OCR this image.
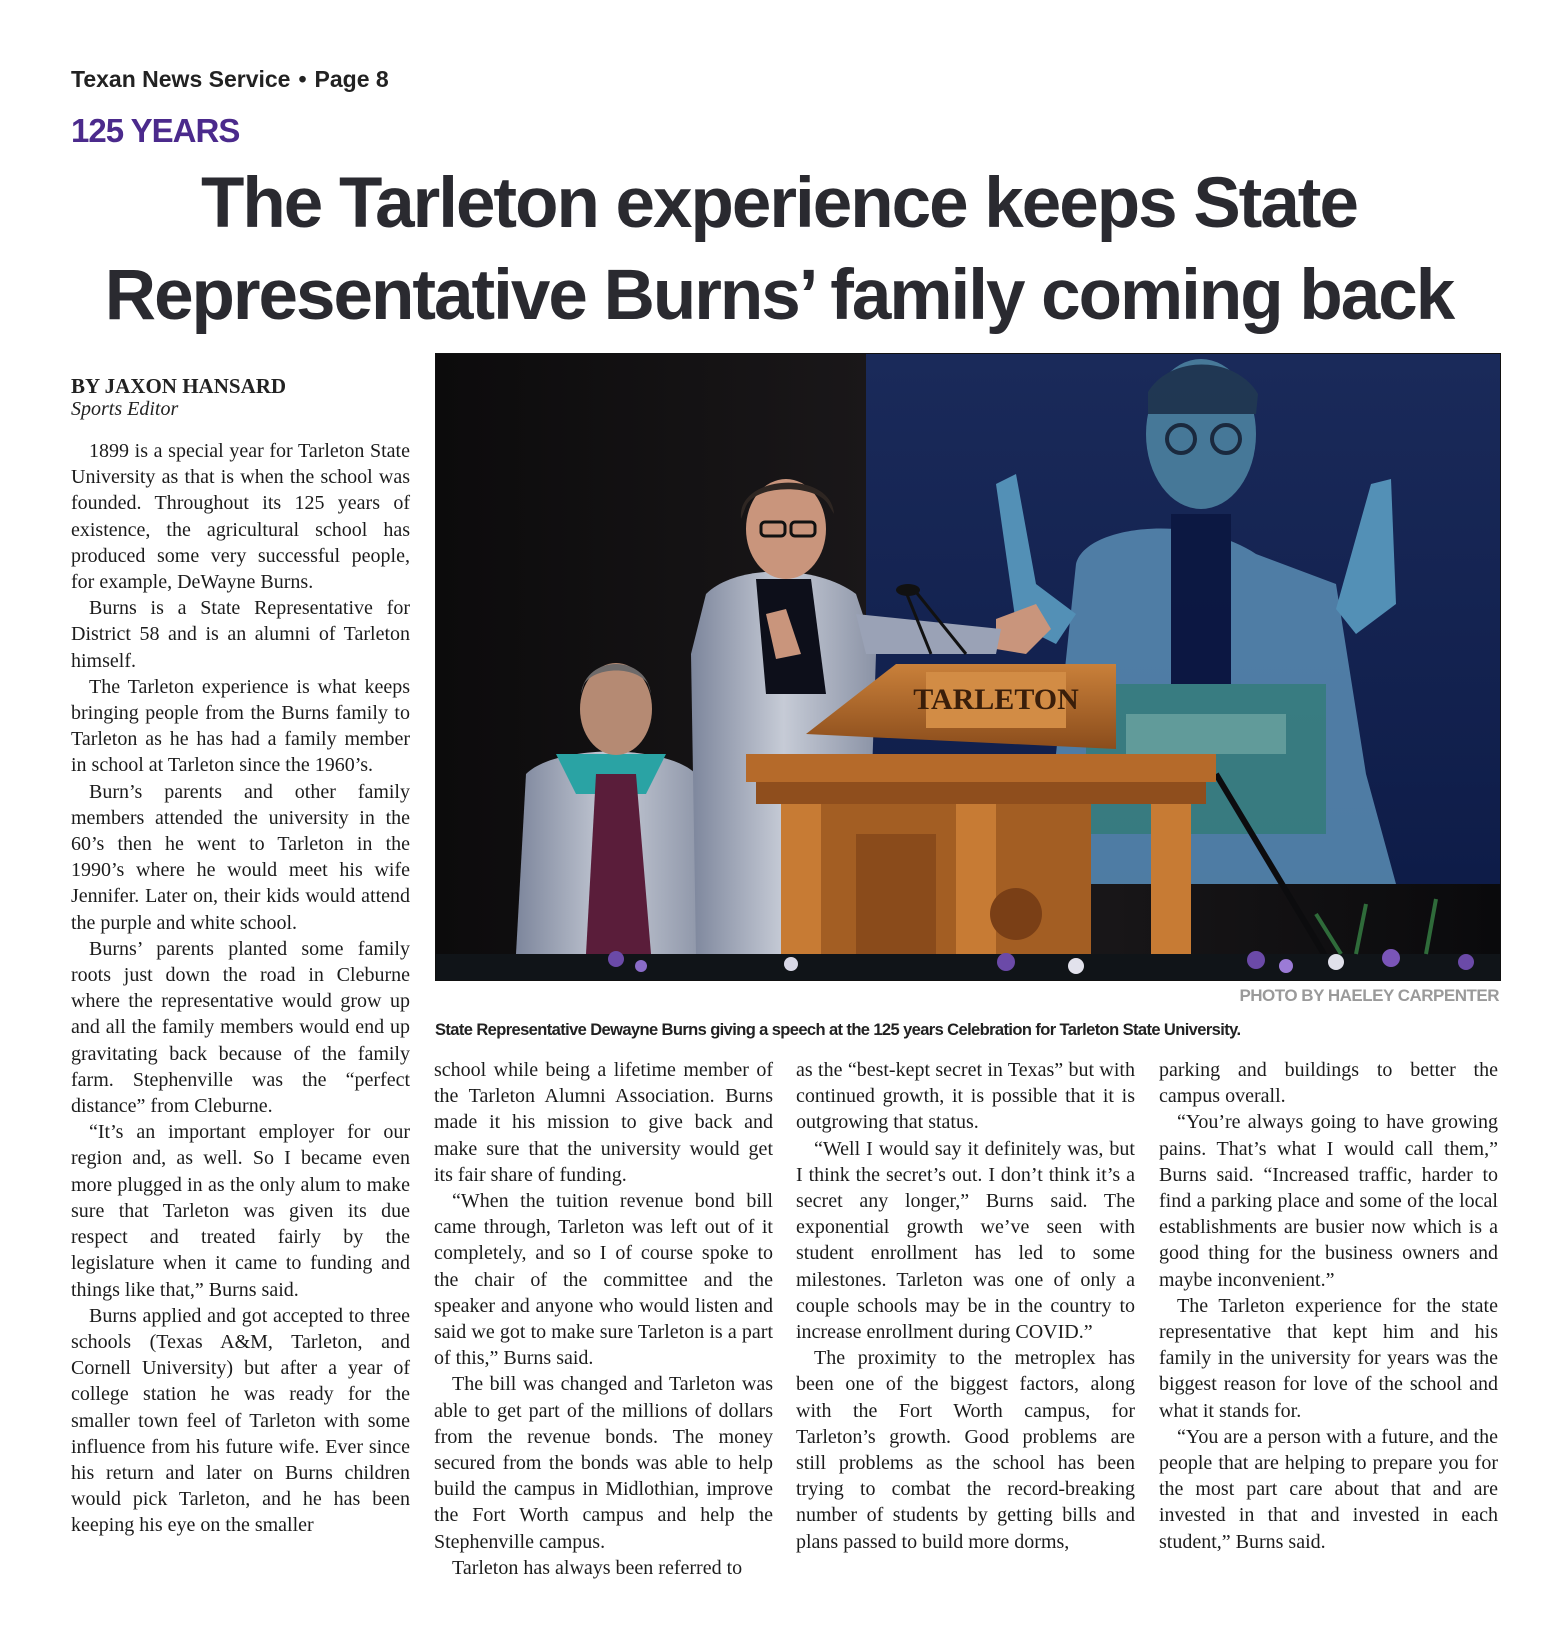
Texan News Service • Page 8

125 YEARS

The Tarleton experience keeps State Representative Burns’ family coming back
TARLETON

PHOTO BY HAELEY CARPENTER

State Representative Dewayne Burns giving a speech at the 125 years Celebration for Tarleton State University.

BY JAXON HANSARD

Sports Editor

1899 is a special year for Tarleton State University as that is when the school was founded. Throughout its 125 years of existence, the agricultural school has produced some very successful people, for example, DeWayne Burns.

Burns is a State Representative for District 58 and is an alumni of Tarleton himself.

The Tarleton experience is what keeps bringing people from the Burns family to Tarleton as he has had a family member in school at Tarleton since the 1960’s.

Burn’s parents and other family members attended the university in the 60’s then he went to Tarleton in the 1990’s where he would meet his wife Jennifer. Later on, their kids would attend the purple and white school.

Burns’ parents planted some family roots just down the road in Cleburne where the representative would grow up and all the family members would end up gravitating back because of the family farm. Stephenville was the “perfect distance” from Cleburne.

“It’s an important employer for our region and, as well. So I became even more plugged in as the only alum to make sure that Tarleton was given its due respect and treated fairly by the legislature when it came to funding and things like that,” Burns said.

Burns applied and got accepted to three schools (Texas A&M, Tarleton, and Cornell University) but after a year of college station he was ready for the smaller town feel of Tarleton with some influence from his future wife. Ever since his return and later on Burns children would pick Tarleton, and he has been keeping his eye on the smaller

school while being a lifetime member of the Tarleton Alumni Association. Burns made it his mission to give back and make sure that the university would get its fair share of funding.

“When the tuition revenue bond bill came through, Tarleton was left out of it completely, and so I of course spoke to the chair of the committee and the speaker and anyone who would listen and said we got to make sure Tarleton is a part of this,” Burns said.

The bill was changed and Tarleton was able to get part of the millions of dollars from the revenue bonds. The money secured from the bonds was able to help build the campus in Midlothian, improve the Fort Worth campus and help the Stephenville campus.

Tarleton has always been referred to

as the “best-kept secret in Texas” but with continued growth, it is possible that it is outgrowing that status.

“Well I would say it definitely was, but I think the secret’s out. I don’t think it’s a secret any longer,” Burns said. The exponential growth we’ve seen with student enrollment has led to some milestones. Tarleton was one of only a couple schools may be in the country to increase enrollment during COVID.”

The proximity to the metroplex has been one of the biggest factors, along with the Fort Worth campus, for Tarleton’s growth. Good problems are still problems as the school has been trying to combat the record-breaking number of students by getting bills and plans passed to build more dorms,

parking and buildings to better the campus overall.

“You’re always going to have growing pains. That’s what I would call them,” Burns said. “Increased traffic, harder to find a parking place and some of the local establishments are busier now which is a good thing for the business owners and maybe inconvenient.”

The Tarleton experience for the state representative that kept him and his family in the university for years was the biggest reason for love of the school and what it stands for.

“You are a person with a future, and the people that are helping to prepare you for the most part care about that and are invested in that and invested in each student,” Burns said.
